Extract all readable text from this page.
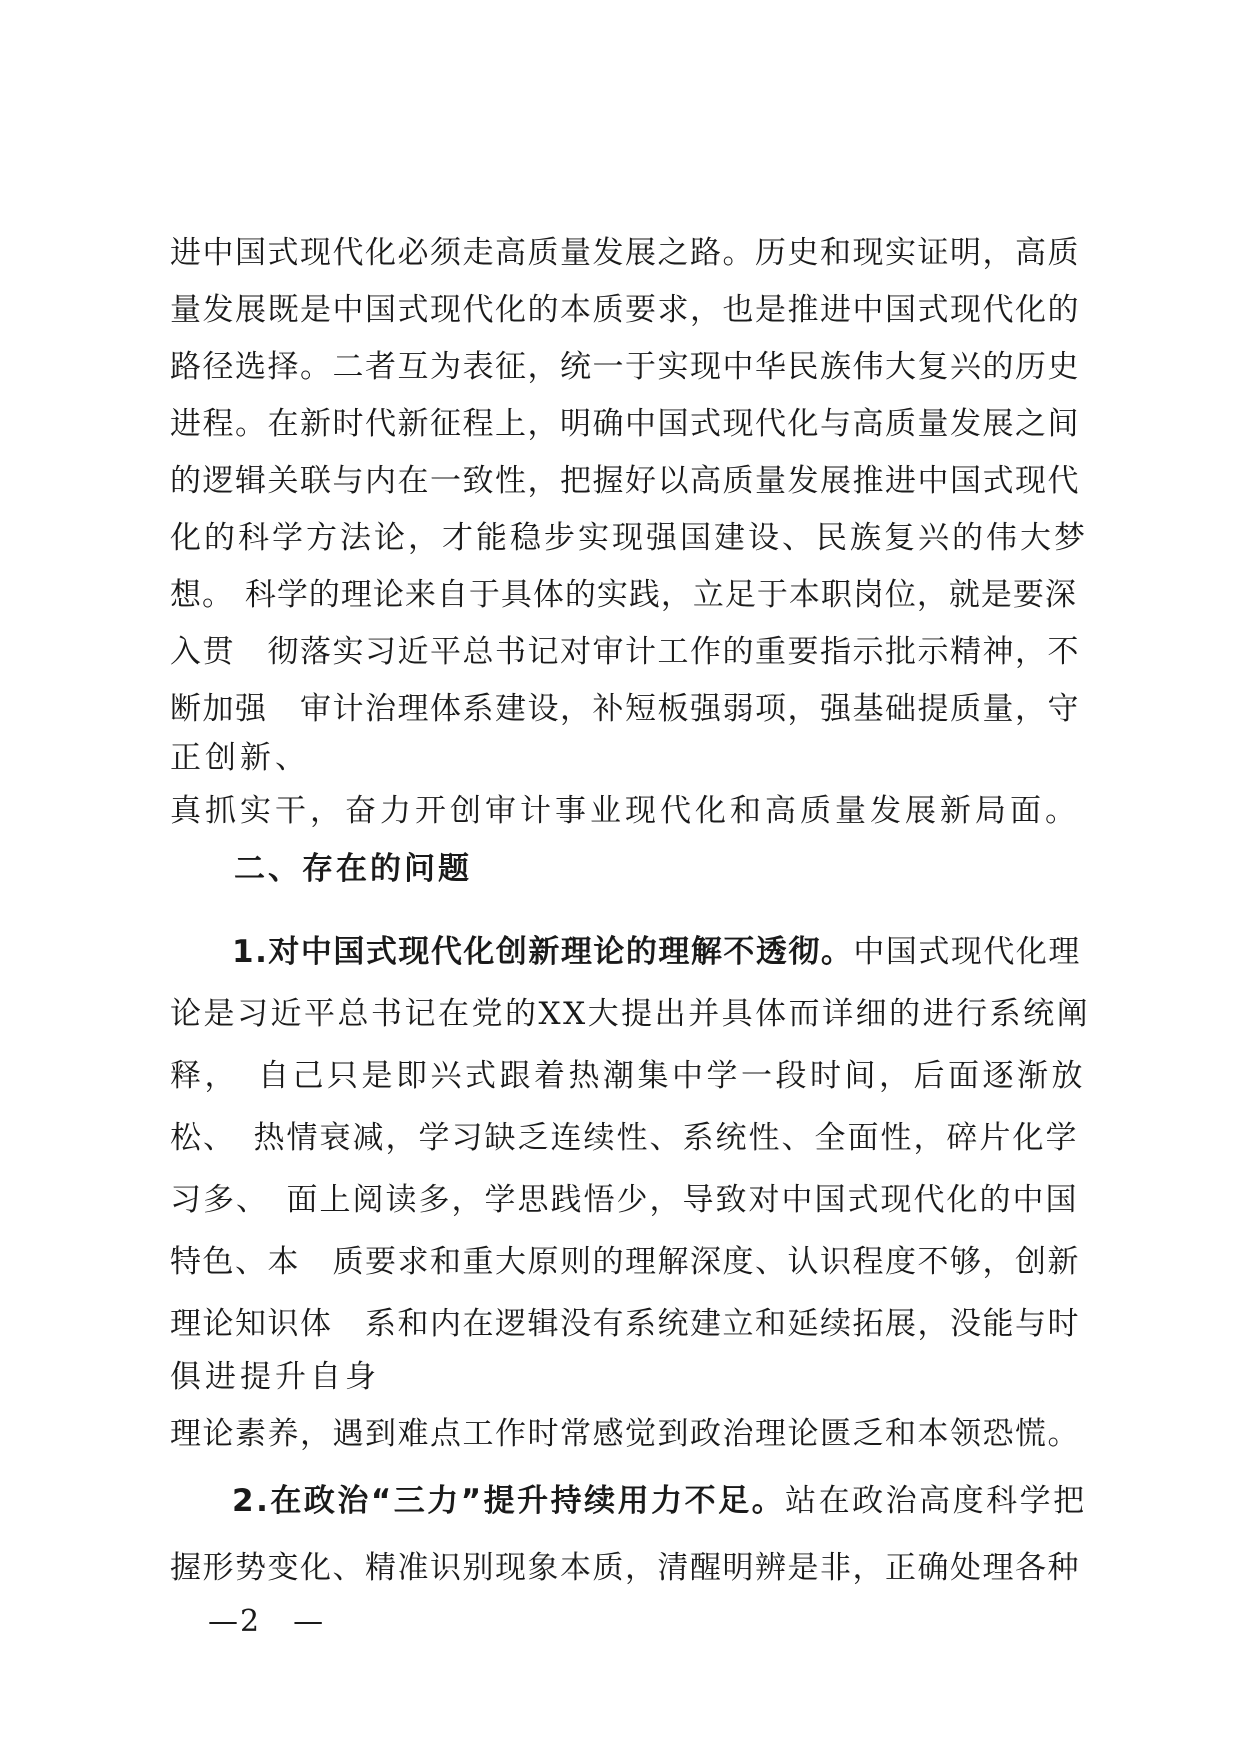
进中国式现代化必须走高质量发展之路。历史和现实证明，高质
量发展既是中国式现代化的本质要求，也是推进中国式现代化的
路径选择。二者互为表征，统一于实现中华民族伟大复兴的历史
进程。在新时代新征程上，明确中国式现代化与高质量发展之间
的逻辑关联与内在一致性，把握好以高质量发展推进中国式现代
化的科学方法论，才能稳步实现强国建设、民族复兴的伟大梦
想。 科学的理论来自于具体的实践，立足于本职岗位，就是要深
入贯　彻落实习近平总书记对审计工作的重要指示批示精神，不
断加强　审计治理体系建设，补短板强弱项，强基础提质量，守
正创新、
真抓实干，奋力开创审计事业现代化和高质量发展新局面。
二、存在的问题
1.对中国式现代化创新理论的理解不透彻。中国式现代化理
论是习近平总书记在党的XX大提出并具体而详细的进行系统阐
释，　自己只是即兴式跟着热潮集中学一段时间，后面逐渐放
松、　热情衰减，学习缺乏连续性、系统性、全面性，碎片化学
习多、　面上阅读多，学思践悟少，导致对中国式现代化的中国
特色、本　质要求和重大原则的理解深度、认识程度不够，创新
理论知识体　系和内在逻辑没有系统建立和延续拓展，没能与时
俱进提升自身
理论素养，遇到难点工作时常感觉到政治理论匮乏和本领恐慌。
2.在政治“三力”提升持续用力不足。站在政治高度科学把
握形势变化、精准识别现象本质，清醒明辨是非，正确处理各种
—2　—
